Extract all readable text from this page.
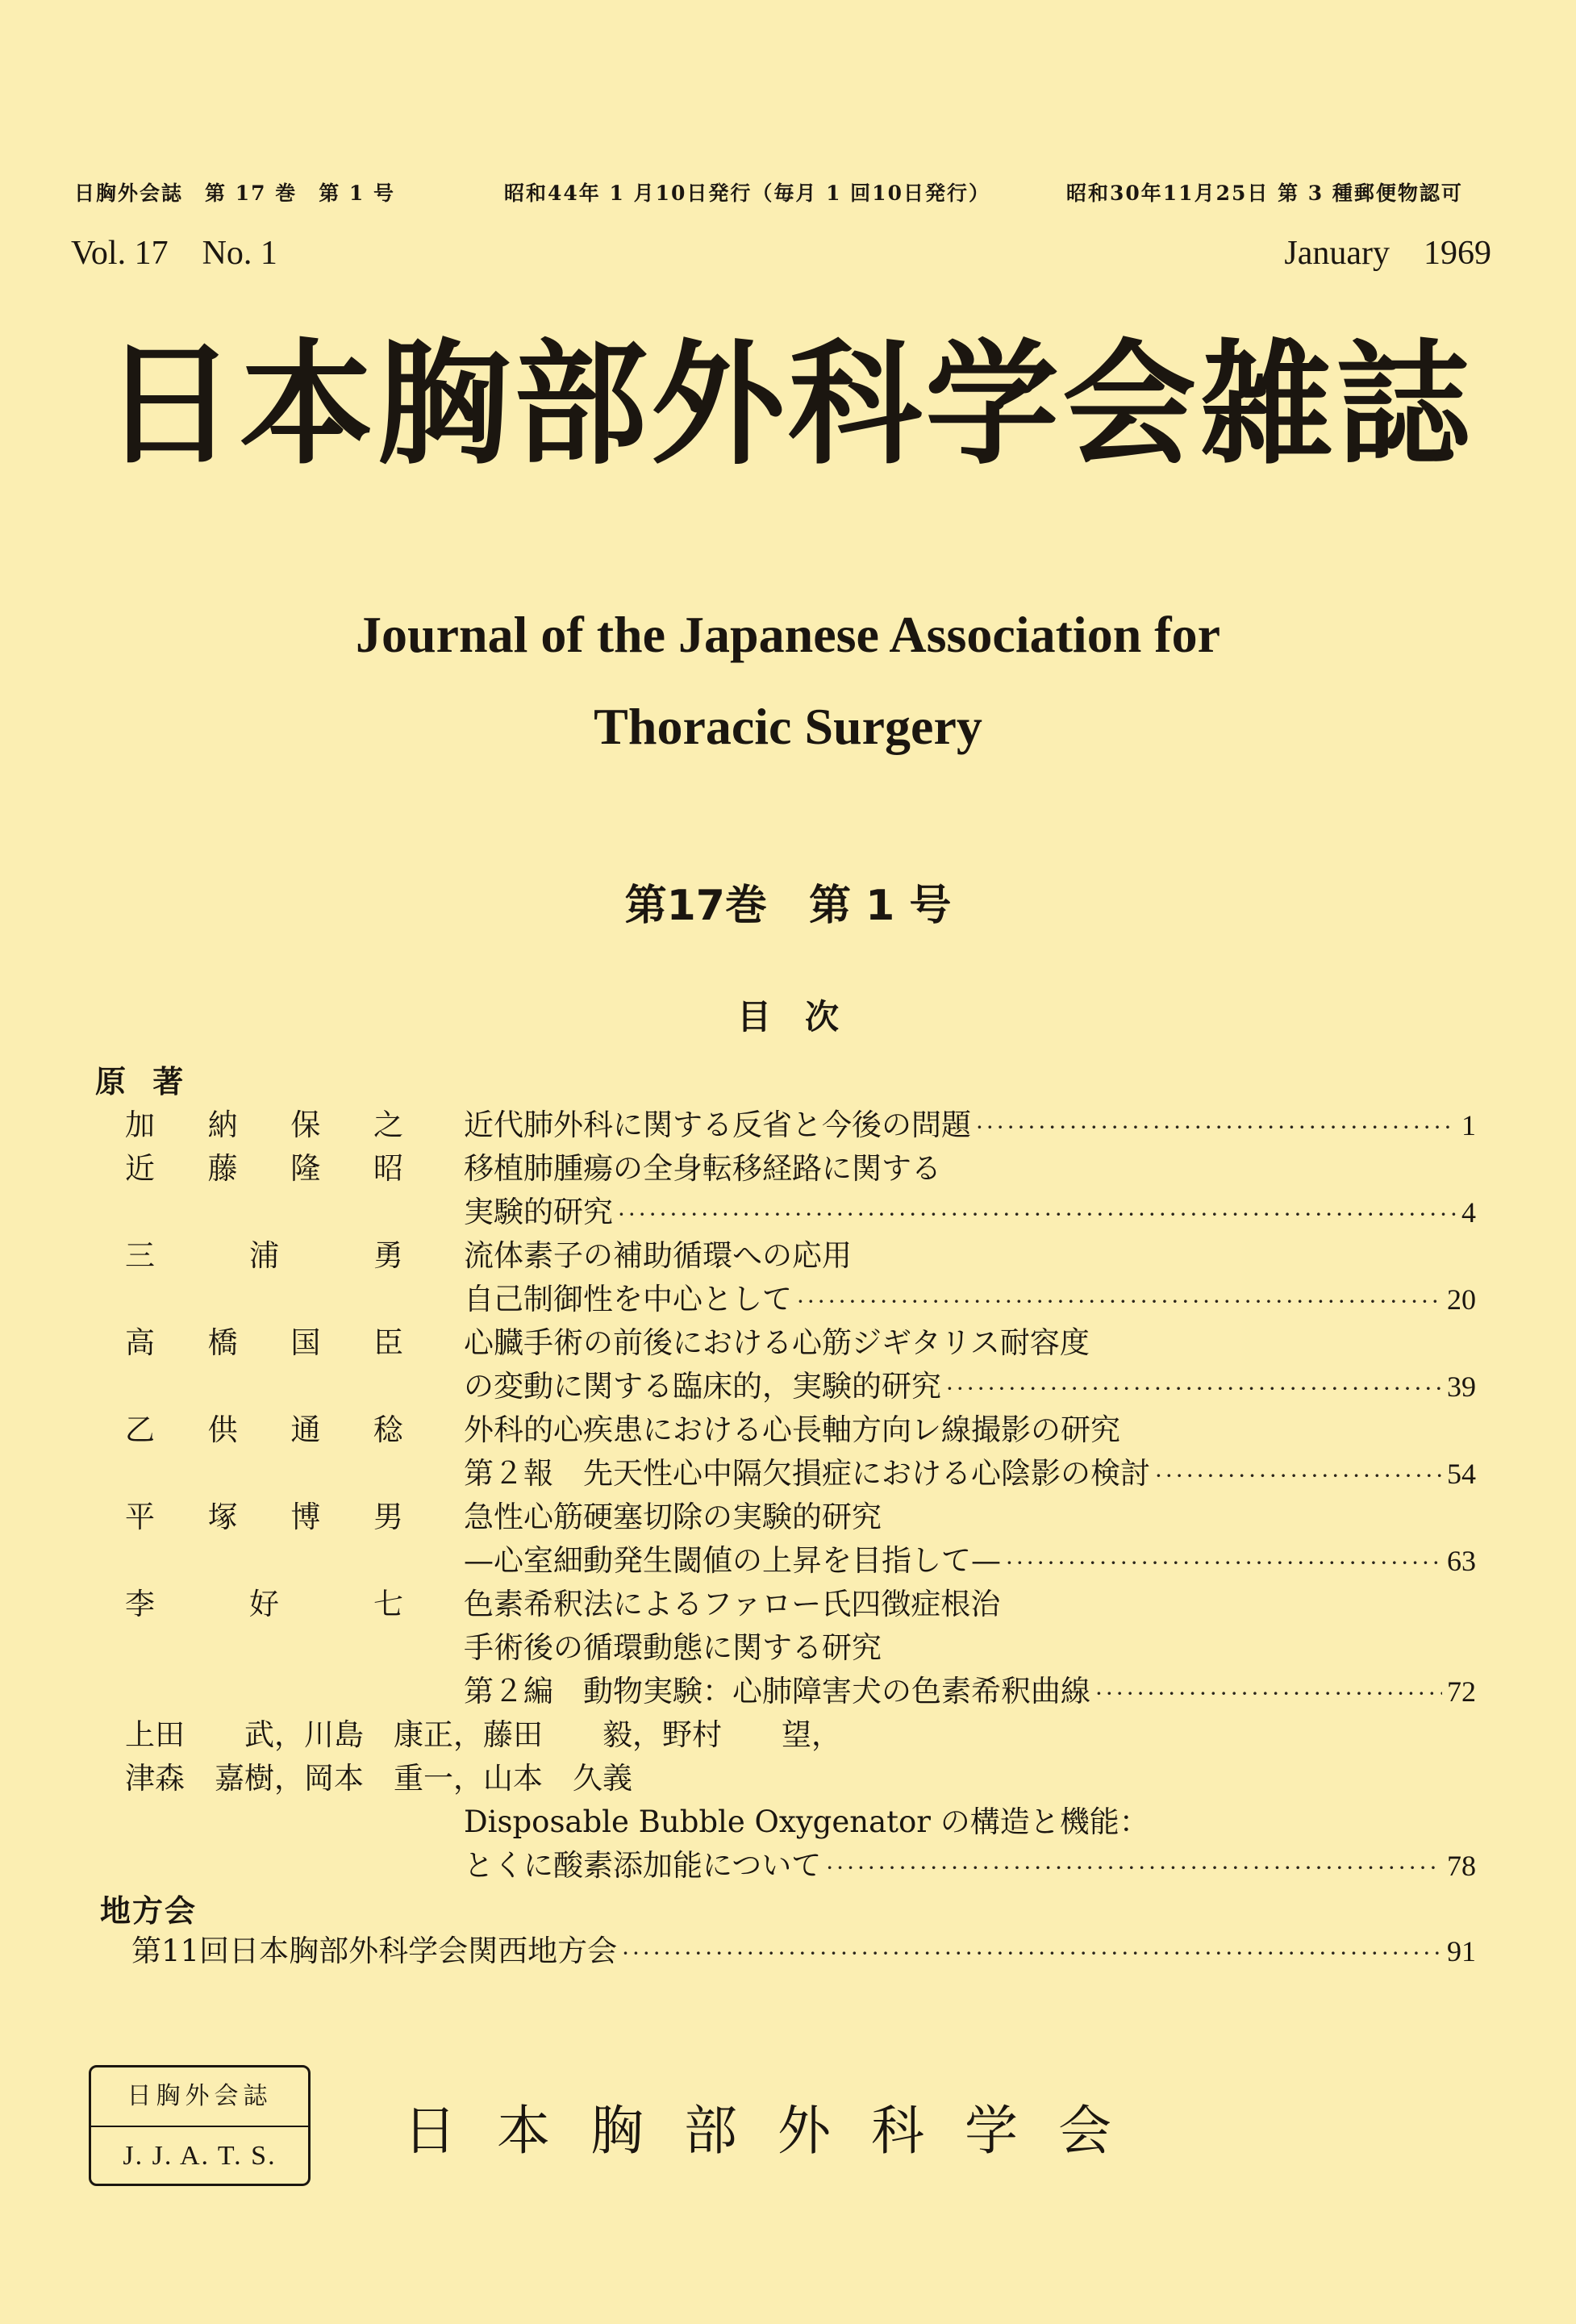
日胸外会誌　第 17 巻　第 1 号	昭和44年 1 月10日発行（毎月 1 回10日発行）	昭和30年11月25日 第 3 種郵便物認可
Vol. 17　No. 1	January　1969
日本胸部外科学会雑誌
Journal of the Japanese Association for
Thoracic Surgery
第17巻　第 1 号
目　次
原 著
加 納 保 之 近代肺外科に関する反省と今後の問題 ·····	1
近 藤 隆 昭 移植肺腫瘍の全身転移経路に関する
実験的研究 ·····	4
三	浦	勇 流体素子の補助循環への応用
自己制御性を中心として ·····	20
高 橋 国 臣 心臓手術の前後における心筋ジギタリス耐容度
の変動に関する臨床的，実験的研究 ·····	39
乙 供 通 稔 外科的心疾患における心長軸方向レ線撮影の研究
第２報　先天性心中隔欠損症における心陰影の検討 ·····	54
平 塚 博 男 急性心筋硬塞切除の実験的研究
—心室細動発生閾値の上昇を目指して— ·····	63
李	好	七 色素希釈法によるファロー氏四徴症根治
手術後の循環動態に関する研究
第２編　動物実験：心肺障害犬の色素希釈曲線 ·····	72
上田　　武，川島　康正，藤田　　毅，野村　　望，
津森　嘉樹，岡本　重一，山本　久義
Disposable Bubble Oxygenator の構造と機能：
とくに酸素添加能について ·····	78
地方会
第11回日本胸部外科学会関西地方会 ·····	91
日胸外会誌
J. J. A. T. S.	日本胸部外科学会
